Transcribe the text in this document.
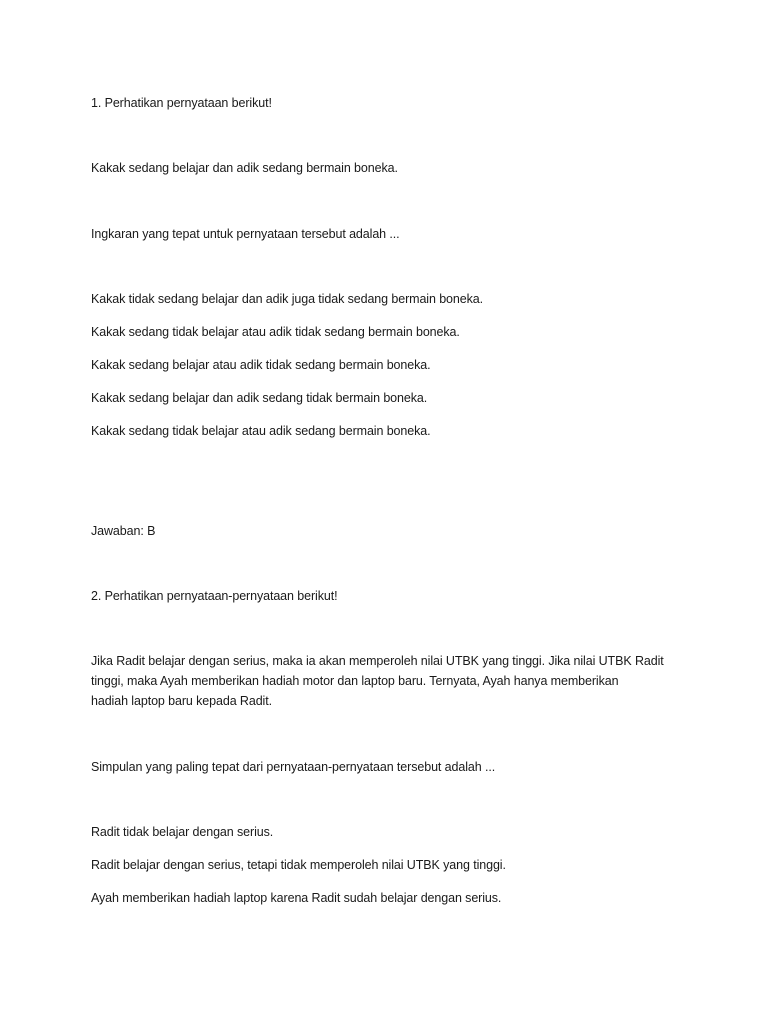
1. Perhatikan pernyataan berikut!

Kakak sedang belajar dan adik sedang bermain boneka.

Ingkaran yang tepat untuk pernyataan tersebut adalah ...

Kakak tidak sedang belajar dan adik juga tidak sedang bermain boneka.

Kakak sedang tidak belajar atau adik tidak sedang bermain boneka.

Kakak sedang belajar atau adik tidak sedang bermain boneka.

Kakak sedang belajar dan adik sedang tidak bermain boneka.

Kakak sedang tidak belajar atau adik sedang bermain boneka.

Jawaban: B

2. Perhatikan pernyataan-pernyataan berikut!

Jika Radit belajar dengan serius, maka ia akan memperoleh nilai UTBK yang tinggi. Jika nilai UTBK Radit

tinggi, maka Ayah memberikan hadiah motor dan laptop baru. Ternyata, Ayah hanya memberikan

hadiah laptop baru kepada Radit.

Simpulan yang paling tepat dari pernyataan-pernyataan tersebut adalah ...

Radit tidak belajar dengan serius.

Radit belajar dengan serius, tetapi tidak memperoleh nilai UTBK yang tinggi.

Ayah memberikan hadiah laptop karena Radit sudah belajar dengan serius.
